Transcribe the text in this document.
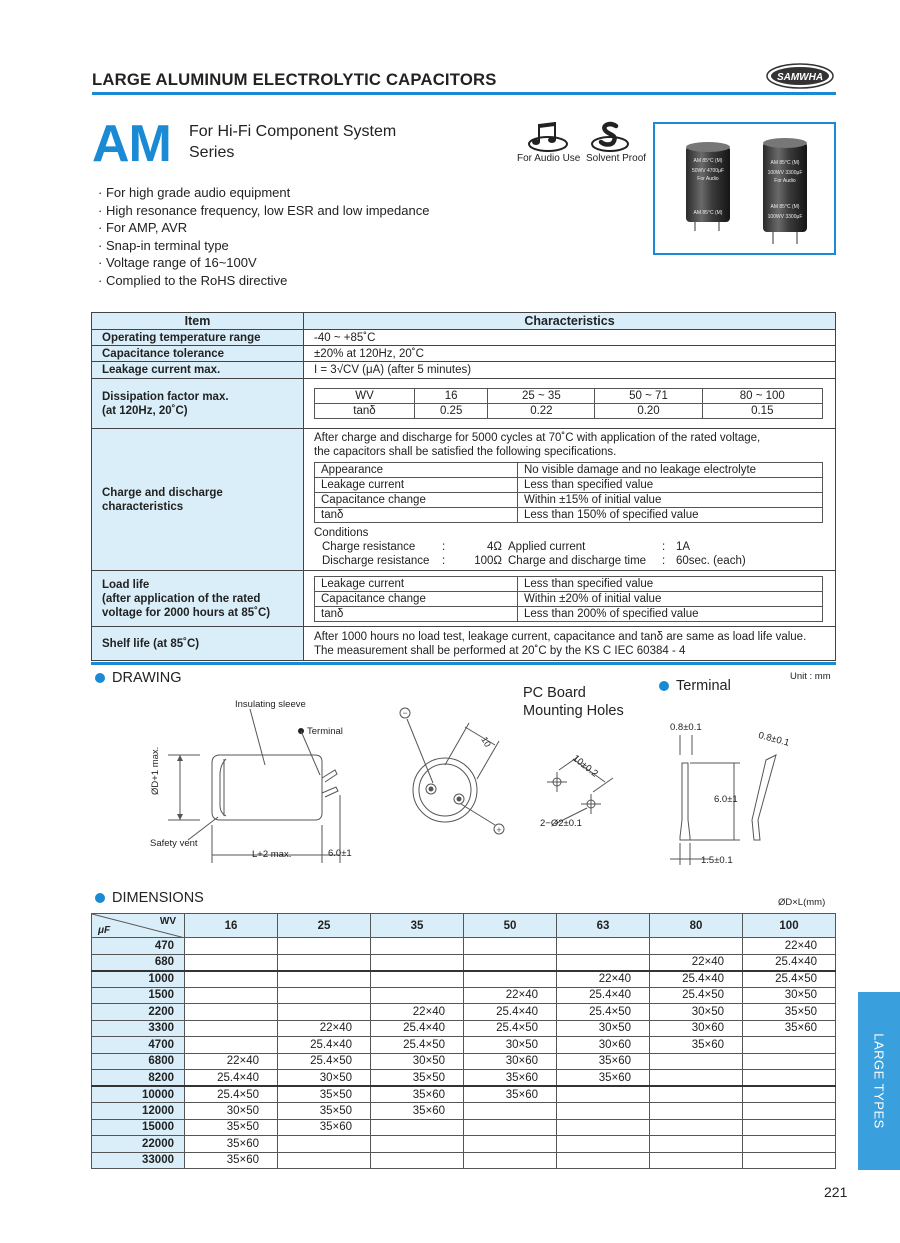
LARGE ALUMINUM ELECTROLYTIC CAPACITORS	SAMWHA
AM For Hi-Fi Component System
Series	For Audio Use Solvent Proof	AM 85°C (M)
50WV 4700μF
For Audio
AM 85°C (M)
AM 85°C (M)
100WV 3300μF
For Audio
AM 85°C (M)
100WV 3300μF
· For high grade audio equipment
· High resonance frequency, low ESR and low impedance
· For AMP, AVR
· Snap-in terminal type
· Voltage range of 16~100V
· Complied to the RoHS directive
Item	Characteristics
Operating temperature range	-40 ~ +85˚C
Capacitance tolerance	±20% at 120Hz, 20˚C
Leakage current max.	I = 3√CV (μA) (after 5 minutes)

Dissipation factor max.
(at 120Hz, 20˚C)

WV	16	25 ~ 35	50 ~ 71	80 ~ 100
tanδ	0.25	0.22	0.20	0.15

Charge and discharge
characteristics

After charge and discharge for 5000 cycles at 70˚C with application of the rated voltage,
the capacitors shall be satisfied the following specifications.
Appearance	No visible damage and no leakage electrolyte
Leakage current	Less than specified value
Capacitance change	Within ±15% of initial value
tanδ	Less than 150% of specified value
Conditions
Charge resistance	:	4Ω Applied current	: 1A
Discharge resistance	:	100Ω Charge and discharge time	: 60sec. (each)

Load life
(after application of the rated
voltage for 2000 hours at 85˚C)

Leakage current	Less than specified value
Capacitance change	Within ±20% of initial value
tanδ	Less than 200% of specified value

Shelf life (at 85˚C)	
After 1000 hours no load test, leakage current, capacitance and tanδ are same as load life value.
The measurement shall be performed at 20˚C by the KS C IEC 60384 - 4
DRAWING	Unit : mm
Insulating sleeve
Terminal
Safety vent
ØD+1 max.
L+2 max.	6.0±1
−
+
10
PC Board
Mounting Holes
10±0.2
2−Ø2±0.1
Terminal
0.8±0.1
0.8±0.1
6.0±1
1.5±0.1
DIMENSIONS	ØD×L(mm)
WV
μF	16	25	35	50	63	80	100
470							22×40
680						22×40	25.4×40
1000					22×40	25.4×40	25.4×50
1500				22×40	25.4×40	25.4×50	30×50
2200			22×40	25.4×40	25.4×50	30×50	35×50
3300		22×40	25.4×40	25.4×50	30×50	30×60	35×60
4700		25.4×40	25.4×50	30×50	30×60	35×60	
6800	22×40	25.4×50	30×50	30×60	35×60		
8200	25.4×40	30×50	35×50	35×60	35×60		
10000	25.4×50	35×50	35×60	35×60			
12000	30×50	35×50	35×60				
15000	35×50	35×60					
22000	35×60						
33000	35×60						
LARGE TYPES
221
